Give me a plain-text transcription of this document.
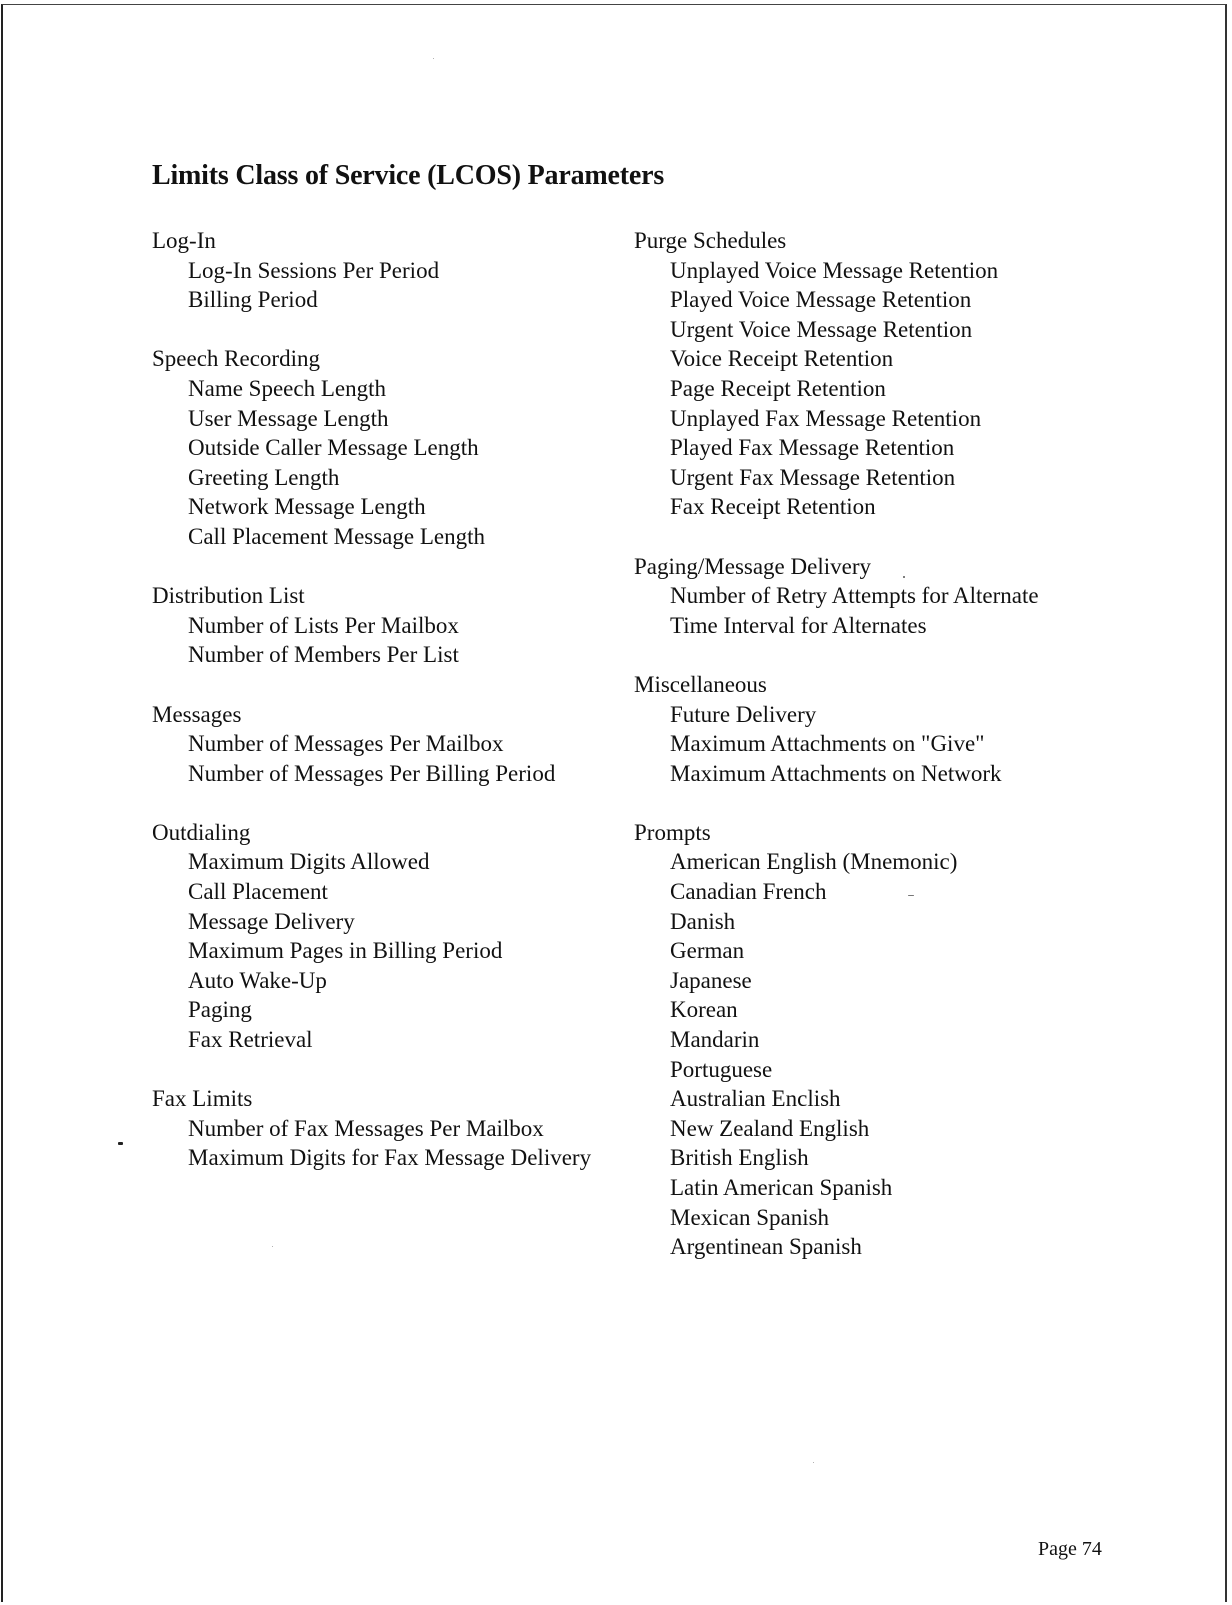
Limits Class of Service (LCOS) Parameters
Log-In
Log-In Sessions Per Period
Billing Period
Speech Recording
Name Speech Length
User Message Length
Outside Caller Message Length
Greeting Length
Network Message Length
Call Placement Message Length
Distribution List
Number of Lists Per Mailbox
Number of Members Per List
Messages
Number of Messages Per Mailbox
Number of Messages Per Billing Period
Outdialing
Maximum Digits Allowed
Call Placement
Message Delivery
Maximum Pages in Billing Period
Auto Wake-Up
Paging
Fax Retrieval
Fax Limits
Number of Fax Messages Per Mailbox
Maximum Digits for Fax Message Delivery
Purge Schedules
Unplayed Voice Message Retention
Played Voice Message Retention
Urgent Voice Message Retention
Voice Receipt Retention
Page Receipt Retention
Unplayed Fax Message Retention
Played Fax Message Retention
Urgent Fax Message Retention
Fax Receipt Retention
Paging/Message Delivery
Number of Retry Attempts for Alternate
Time Interval for Alternates
Miscellaneous
Future Delivery
Maximum Attachments on "Give"
Maximum Attachments on Network
Prompts
American English (Mnemonic)
Canadian French
Danish
German
Japanese
Korean
Mandarin
Portuguese
Australian Enclish
New Zealand English
British English
Latin American Spanish
Mexican Spanish
Argentinean Spanish
Page 74
